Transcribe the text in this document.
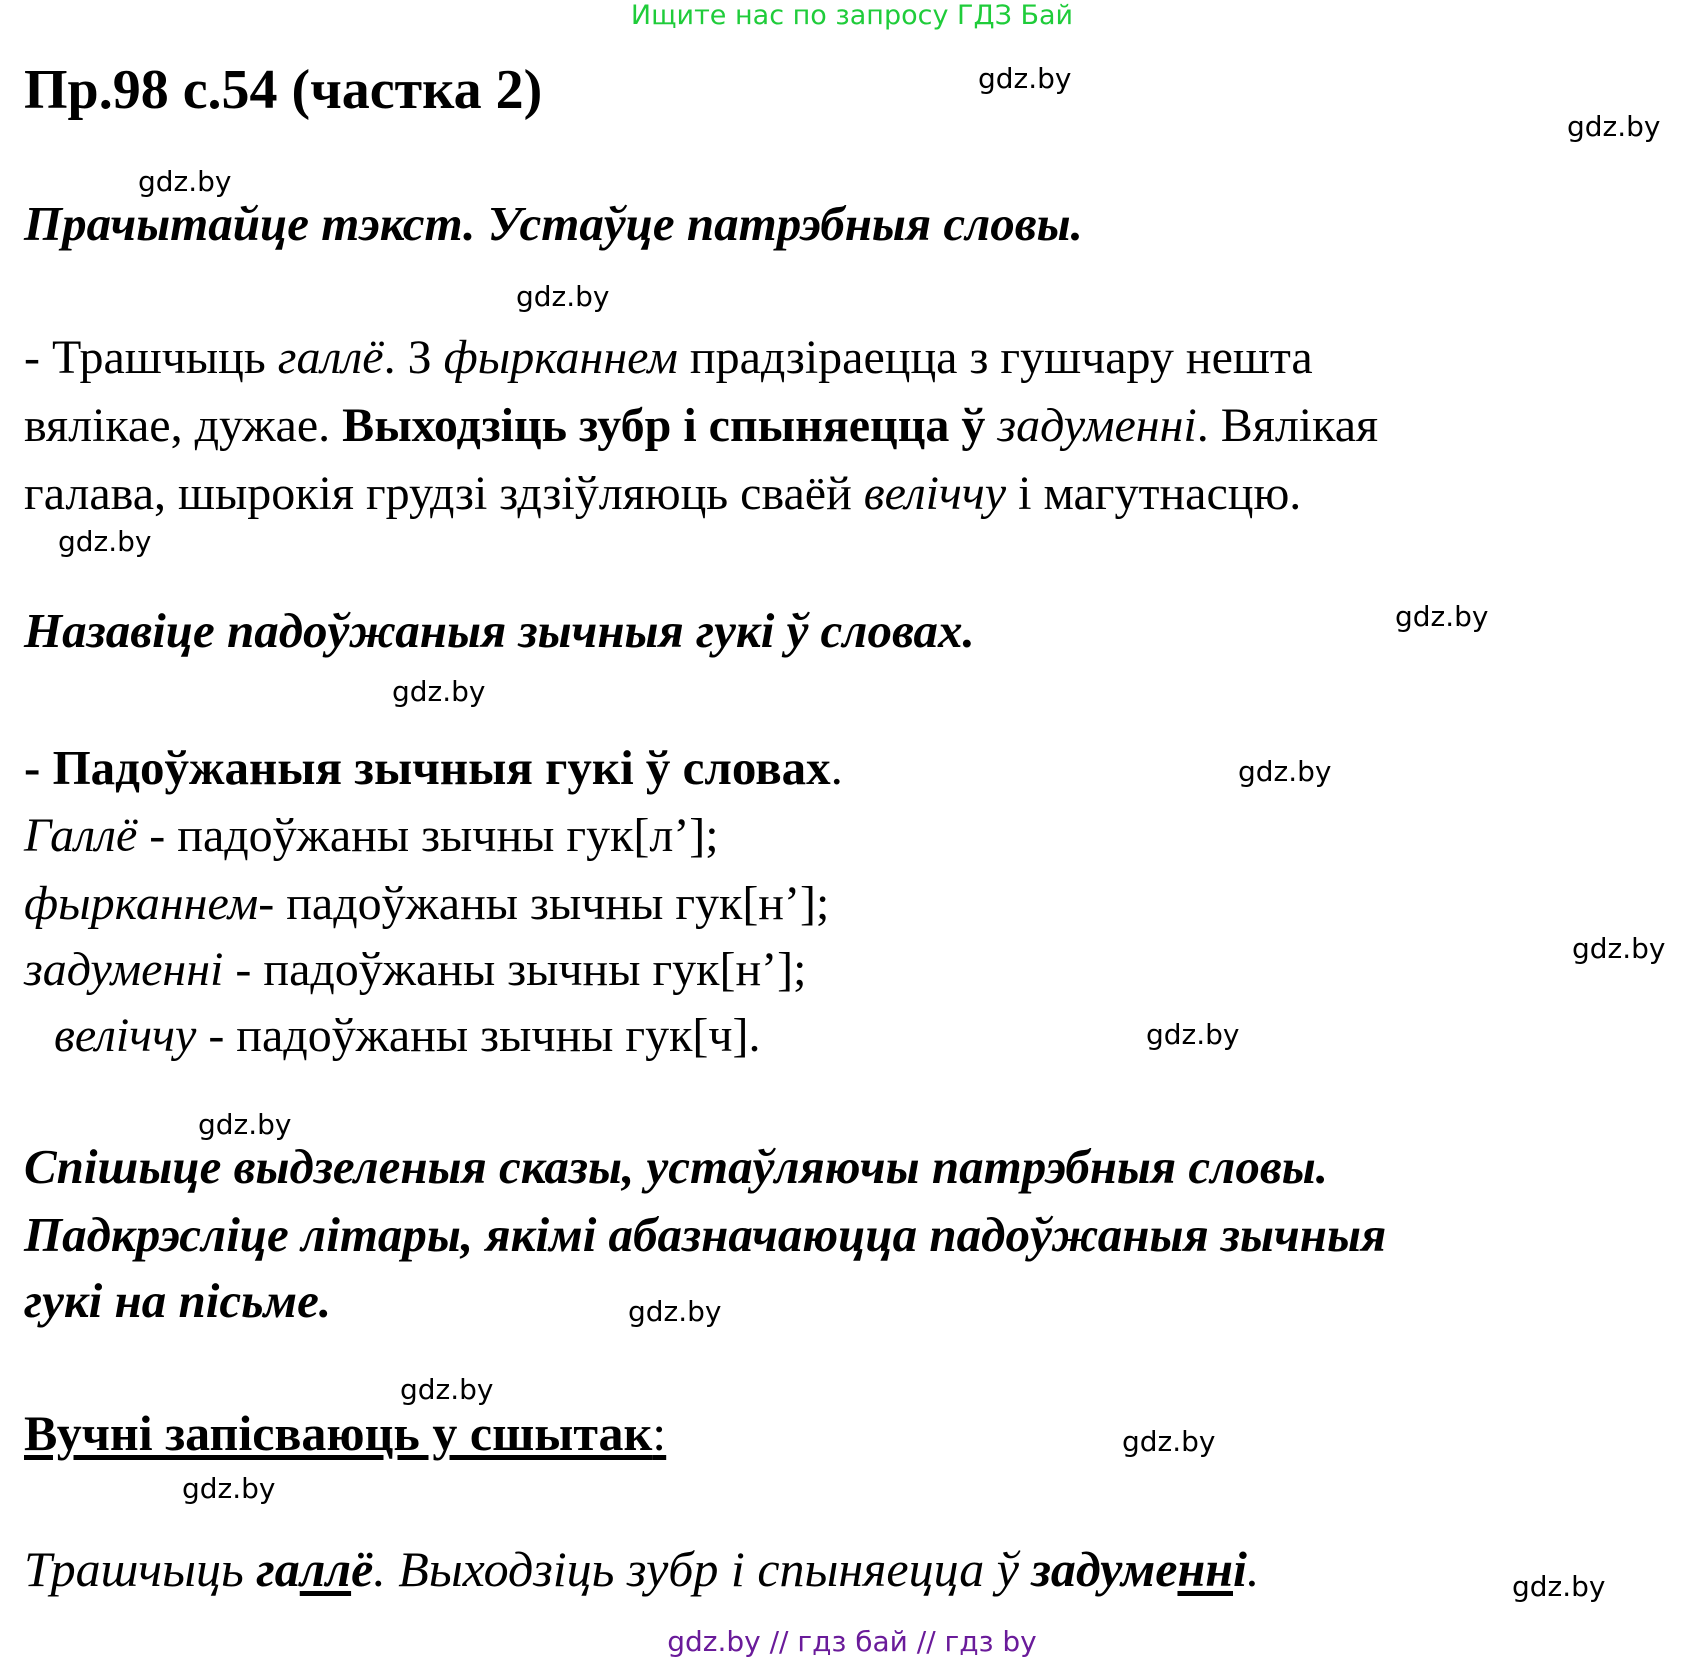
Ищите нас по запросу ГДЗ Бай
Пр.98 с.54 (частка 2)	gdz.by
gdz.by
gdz.by
gdz.by
gdz.by
gdz.by
gdz.by
gdz.by
gdz.by
gdz.by
gdz.by
gdz.by
gdz.by
gdz.by
gdz.by
gdz.by
Прачытайце тэкст. Устаўце патрэбныя словы.
- Трашчыць галлё. З фырканнем прадзіраецца з гушчару нешта
вялікае, дужае. Выходзіць зубр і спыняецца ў задуменні. Вялікая
галава, шырокія грудзі здзіўляюць сваёй веліччу і магутнасцю.
Назавіце падоўжаныя зычныя гукі ў словах.
- Падоўжаныя зычныя гукі ў словах.
Галлё - падоўжаны зычны гук[л’];
фырканнем- падоўжаны зычны гук[н’];
задуменні - падоўжаны зычны гук[н’];
веліччу - падоўжаны зычны гук[ч].
Спішыце выдзеленыя сказы, устаўляючы патрэбныя словы.
Падкрэсліце літары, якімі абазначаюцца падоўжаныя зычныя
гукі на пісьме.
Вучні запісваюць у сшытак:
Трашчыць галлё. Выходзіць зубр і спыняецца ў задуменні.
gdz.by // гдз бай // гдз by
